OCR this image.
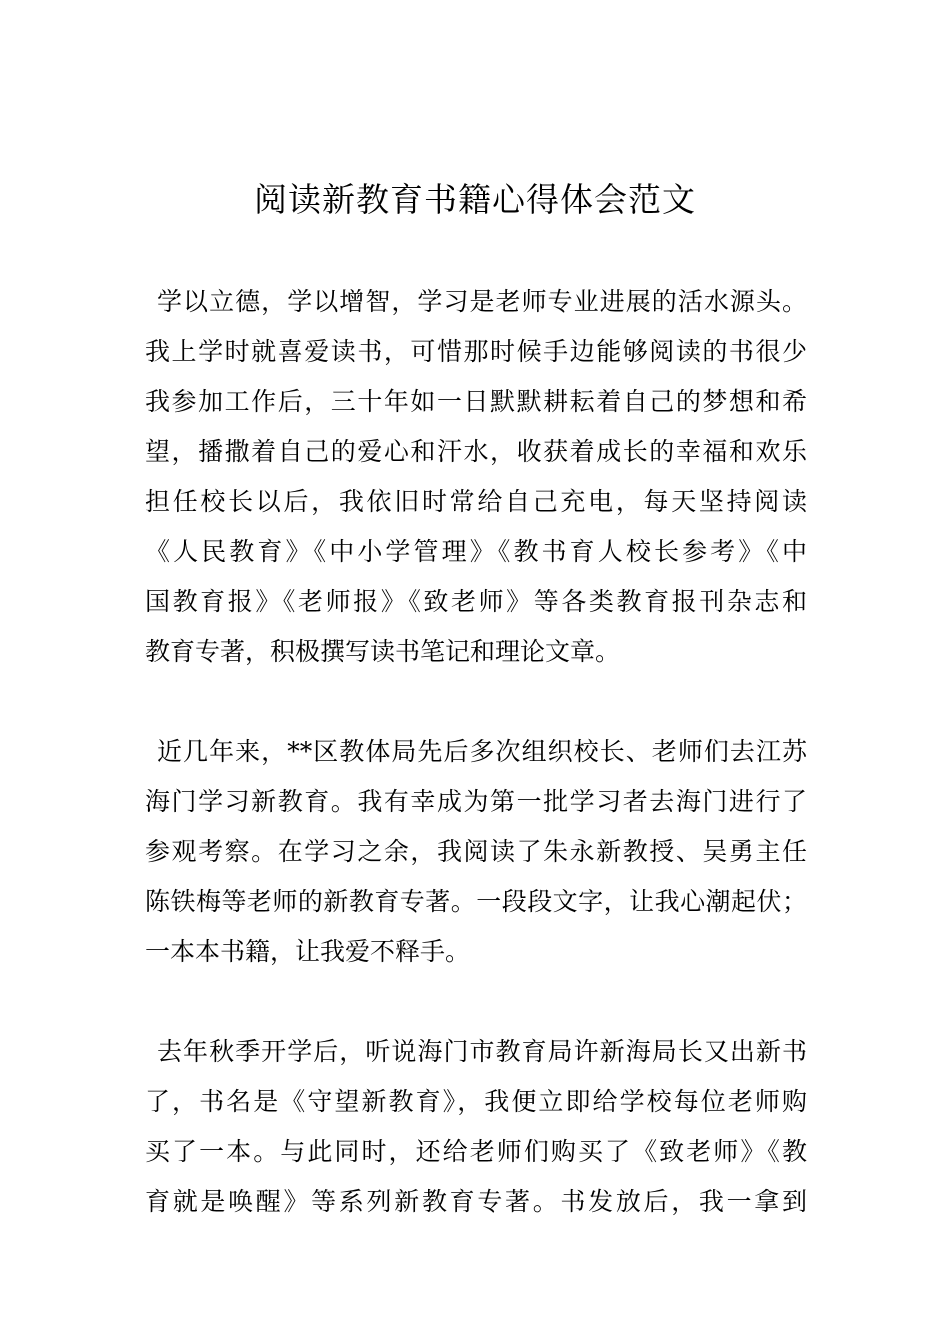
阅读新教育书籍心得体会范文
学以立德，学以增智，学习是老师专业进展的活水源头。
我上学时就喜爱读书，可惜那时候手边能够阅读的书很少
我参加工作后，三十年如一日默默耕耘着自己的梦想和希
望，播撒着自己的爱心和汗水，收获着成长的幸福和欢乐
担任校长以后，我依旧时常给自己充电，每天坚持阅读
《人民教育》《中小学管理》《教书育人校长参考》《中
国教育报》《老师报》《致老师》等各类教育报刊杂志和
教育专著，积极撰写读书笔记和理论文章。
近几年来，**区教体局先后多次组织校长、老师们去江苏
海门学习新教育。我有幸成为第一批学习者去海门进行了
参观考察。在学习之余，我阅读了朱永新教授、吴勇主任
陈铁梅等老师的新教育专著。一段段文字，让我心潮起伏；
一本本书籍，让我爱不释手。
去年秋季开学后，听说海门市教育局许新海局长又出新书
了，书名是《守望新教育》，我便立即给学校每位老师购
买了一本。与此同时，还给老师们购买了《致老师》《教
育就是唤醒》等系列新教育专著。书发放后，我一拿到
